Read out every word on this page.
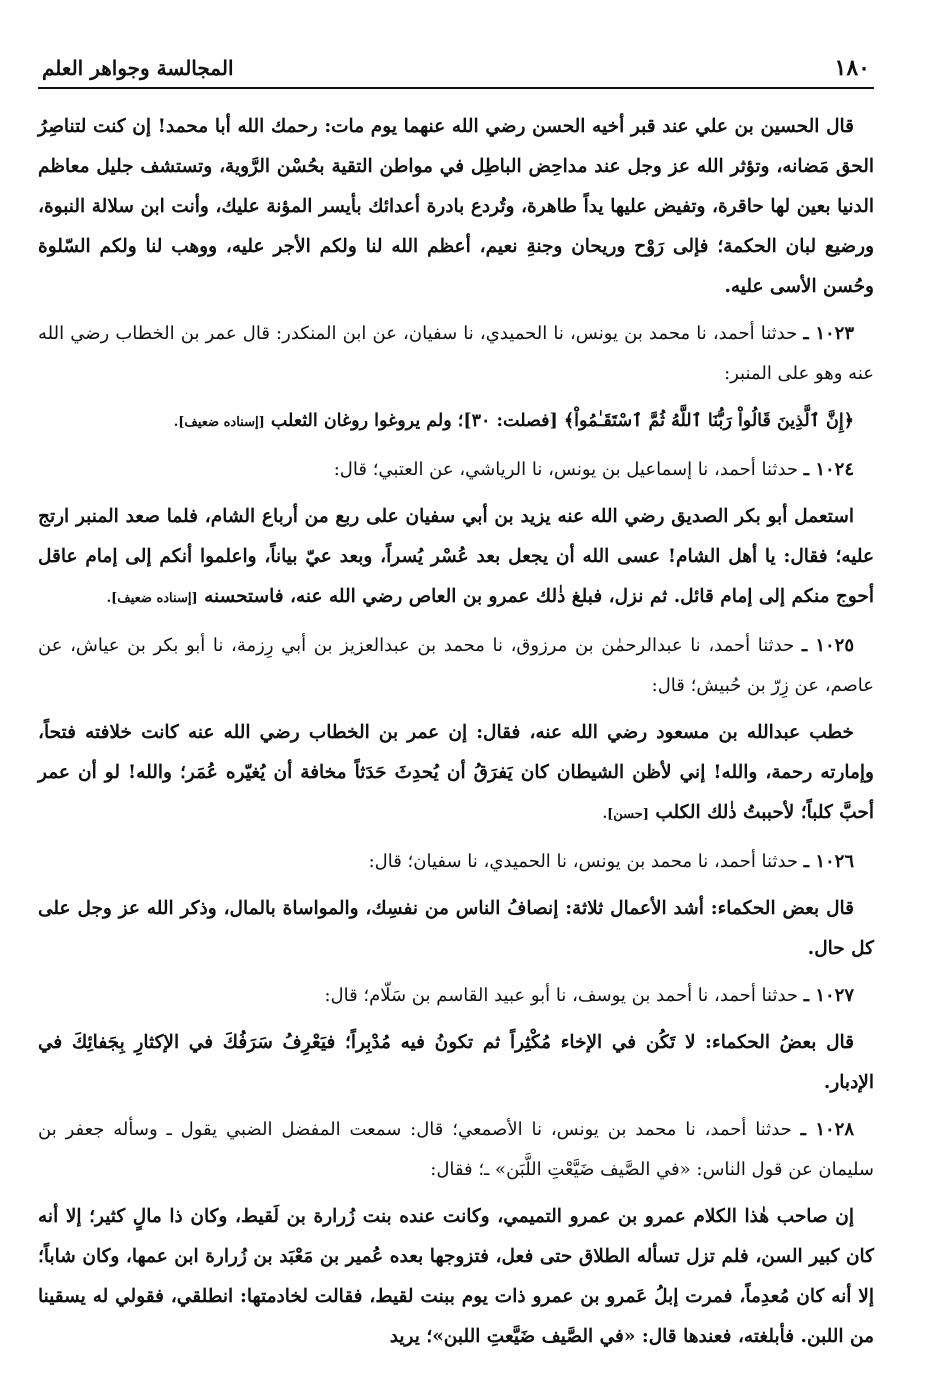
١٨٠
المجالسة وجواهر العلم

قال الحسين بن علي عند قبر أخيه الحسن رضي الله عنهما يوم مات: رحمك الله أبا محمد! إن كنت لتناصِرُ الحق مَضانه، وتؤثر الله عز وجل عند مداحِض الباطِل في مواطن التقية بحُسْن الرَّوية، وتستشف جليل معاظم الدنيا بعين لها حاقرة، وتفيض عليها يداً طاهرة، وتُردع بادرة أعدائك بأيسر المؤنة عليك، وأنت ابن سلالة النبوة، ورضيع لبان الحكمة؛ فإلى رَوْح وريحان وجنةِ نعيم، أعظم الله لنا ولكم الأجر عليه، ووهب لنا ولكم السّلوة وحُسن الأسى عليه.

١٠٢٣ ـ حدثنا أحمد، نا محمد بن يونس، نا الحميدي، نا سفيان، عن ابن المنكدر: قال عمر بن الخطاب رضي الله عنه وهو على المنبر:

﴿إِنَّ ٱلَّذِينَ قَالُواْ رَبُّنَا ٱللَّهُ ثُمَّ ٱسْتَقَـٰمُواْ﴾ [فصلت: ٣٠]؛ ولم يروغوا روغان الثعلب [إسناده ضعيف].

١٠٢٤ ـ حدثنا أحمد، نا إسماعيل بن يونس، نا الرياشي، عن العتبي؛ قال:

استعمل أبو بكر الصديق رضي الله عنه يزيد بن أبي سفيان على ربع من أرباع الشام، فلما صعد المنبر ارتج عليه؛ فقال: يا أهل الشام! عسى الله أن يجعل بعد عُسْر يُسراً، وبعد عيّ بياناً، واعلموا أنكم إلى إمام عاقل أحوج منكم إلى إمام قائل. ثم نزل، فبلغ ذٰلك عمرو بن العاص رضي الله عنه، فاستحسنه [إسناده ضعيف].

١٠٢٥ ـ حدثنا أحمد، نا عبدالرحمٰن بن مرزوق، نا محمد بن عبدالعزيز بن أبي رِزمة، نا أبو بكر بن عياش، عن عاصم، عن زِرّ بن حُبيش؛ قال:

خطب عبدالله بن مسعود رضي الله عنه، فقال: إن عمر بن الخطاب رضي الله عنه كانت خلافته فتحاً، وإمارته رحمة، والله! إني لأظن الشيطان كان يَفرَقُ أن يُحدِثَ حَدَثاً مخافة أن يُغيّره عُمَر؛ والله! لو أن عمر أحبَّ كلباً؛ لأحببتُ ذٰلك الكلب [حسن].

١٠٢٦ ـ حدثنا أحمد، نا محمد بن يونس، نا الحميدي، نا سفيان؛ قال:

قال بعض الحكماء: أشد الأعمال ثلاثة: إنصافُ الناس من نفسِك، والمواساة بالمال، وذكر الله عز وجل على كل حال.

١٠٢٧ ـ حدثنا أحمد، نا أحمد بن يوسف، نا أبو عبيد القاسم بن سَلّام؛ قال:

قال بعضُ الحكماء: لا تَكُن في الإخاء مُكْثِراً ثم تكونُ فيه مُدْبِراً؛ فيَعْرِفُ سَرَفُكَ في الإكثارِ بِجَفائِكَ في الإدبار.

١٠٢٨ ـ حدثنا أحمد، نا محمد بن يونس، نا الأصمعي؛ قال: سمعت المفضل الضبي يقول ـ وسأله جعفر بن سليمان عن قول الناس: «في الصَّيف ضَيَّعْتِ اللَّبَن» ـ؛ فقال:

إن صاحب هٰذا الكلام عمرو بن عمرو التميمي، وكانت عنده بنت زُرارة بن لَقيط، وكان ذا مالٍ كثير؛ إلا أنه كان كبير السن، فلم تزل تسأله الطلاق حتى فعل، فتزوجها بعده عُمير بن مَعْبَد بن زُرارة ابن عمها، وكان شاباً؛ إلا أنه كان مُعدِماً، فمرت إبلُ عَمرو بن عمرو ذات يوم ببنت لقيط، فقالت لخادمتها: انطلقي، فقولي له يسقينا من اللبن. فأبلغته، فعندها قال: «في الصَّيف ضَيَّعتِ اللبن»؛ يريد
